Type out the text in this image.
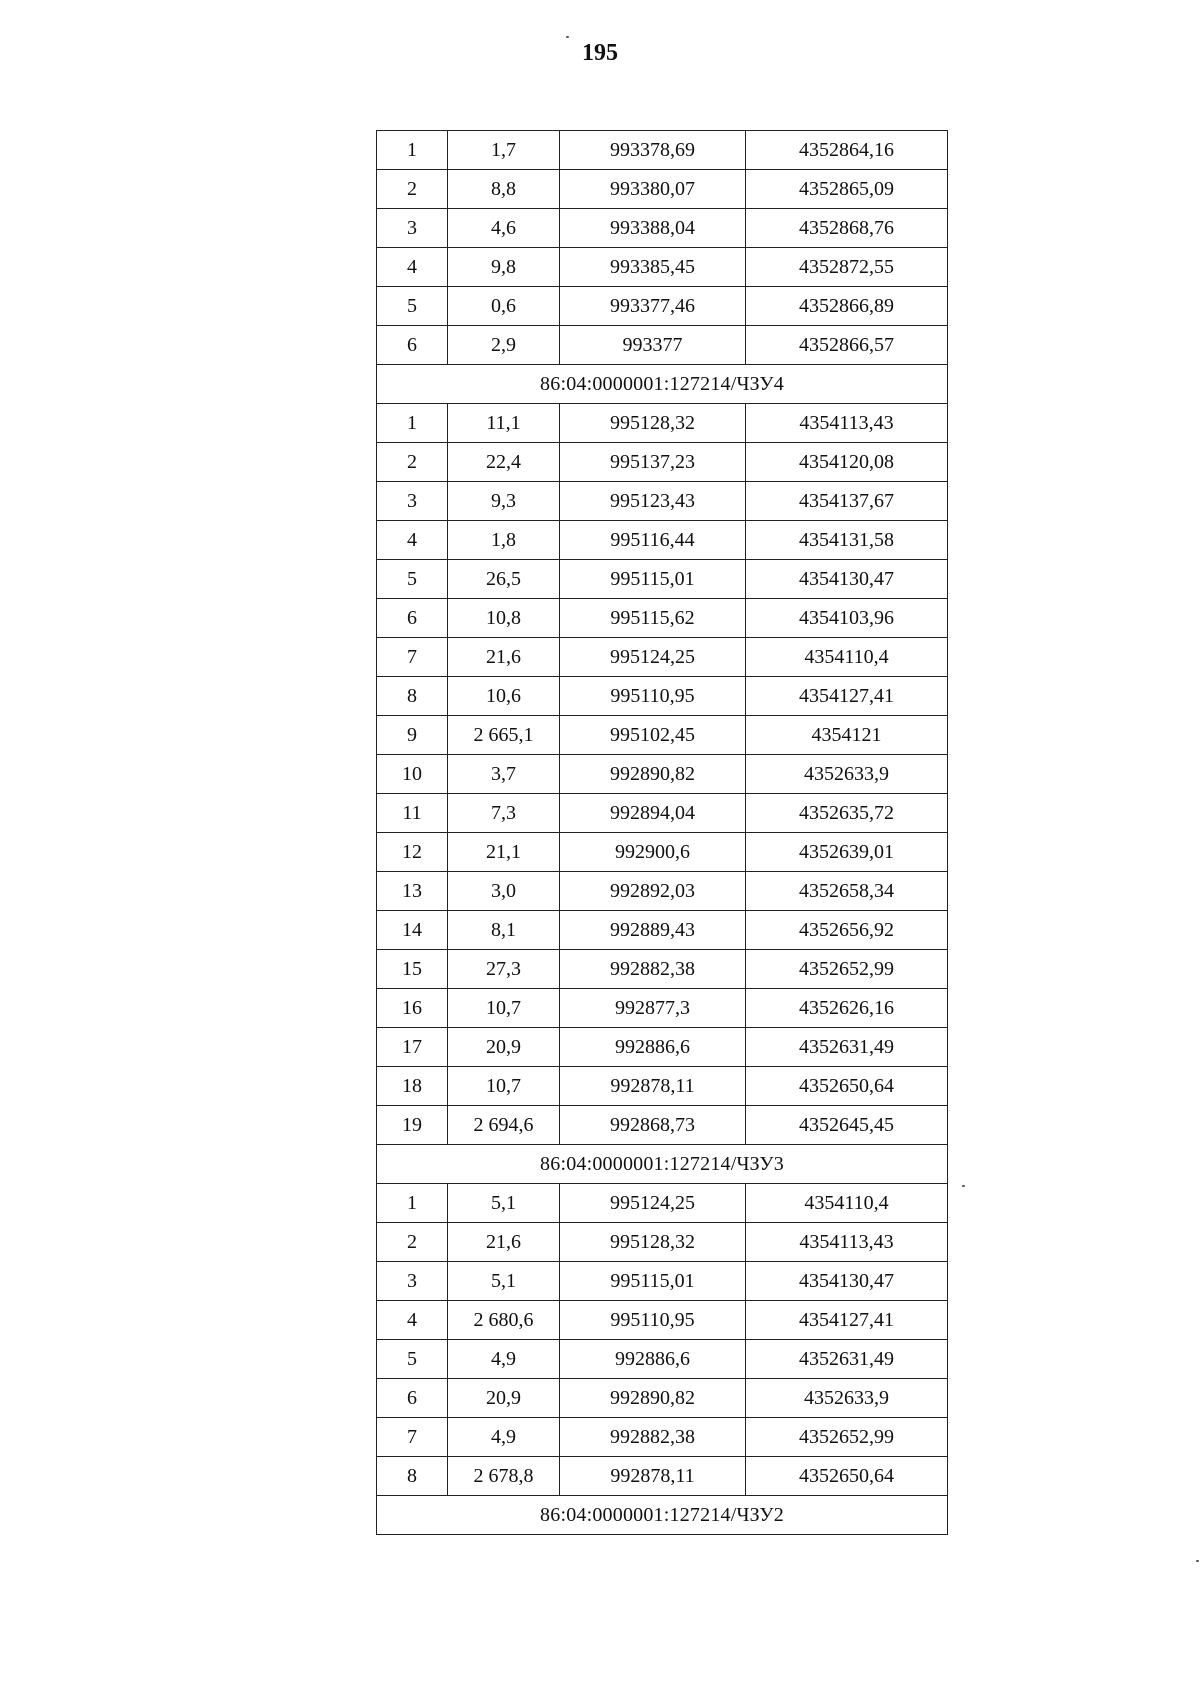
195
1	1,7	993378,69	4352864,16
2	8,8	993380,07	4352865,09
3	4,6	993388,04	4352868,76
4	9,8	993385,45	4352872,55
5	0,6	993377,46	4352866,89
6	2,9	993377	4352866,57
86:04:0000001:127214/ЧЗУ4			
1	11,1	995128,32	4354113,43
2	22,4	995137,23	4354120,08
3	9,3	995123,43	4354137,67
4	1,8	995116,44	4354131,58
5	26,5	995115,01	4354130,47
6	10,8	995115,62	4354103,96
7	21,6	995124,25	4354110,4
8	10,6	995110,95	4354127,41
9	2 665,1	995102,45	4354121
10	3,7	992890,82	4352633,9
11	7,3	992894,04	4352635,72
12	21,1	992900,6	4352639,01
13	3,0	992892,03	4352658,34
14	8,1	992889,43	4352656,92
15	27,3	992882,38	4352652,99
16	10,7	992877,3	4352626,16
17	20,9	992886,6	4352631,49
18	10,7	992878,11	4352650,64
19	2 694,6	992868,73	4352645,45
86:04:0000001:127214/ЧЗУ3			
1	5,1	995124,25	4354110,4
2	21,6	995128,32	4354113,43
3	5,1	995115,01	4354130,47
4	2 680,6	995110,95	4354127,41
5	4,9	992886,6	4352631,49
6	20,9	992890,82	4352633,9
7	4,9	992882,38	4352652,99
8	2 678,8	992878,11	4352650,64
86:04:0000001:127214/ЧЗУ2			
